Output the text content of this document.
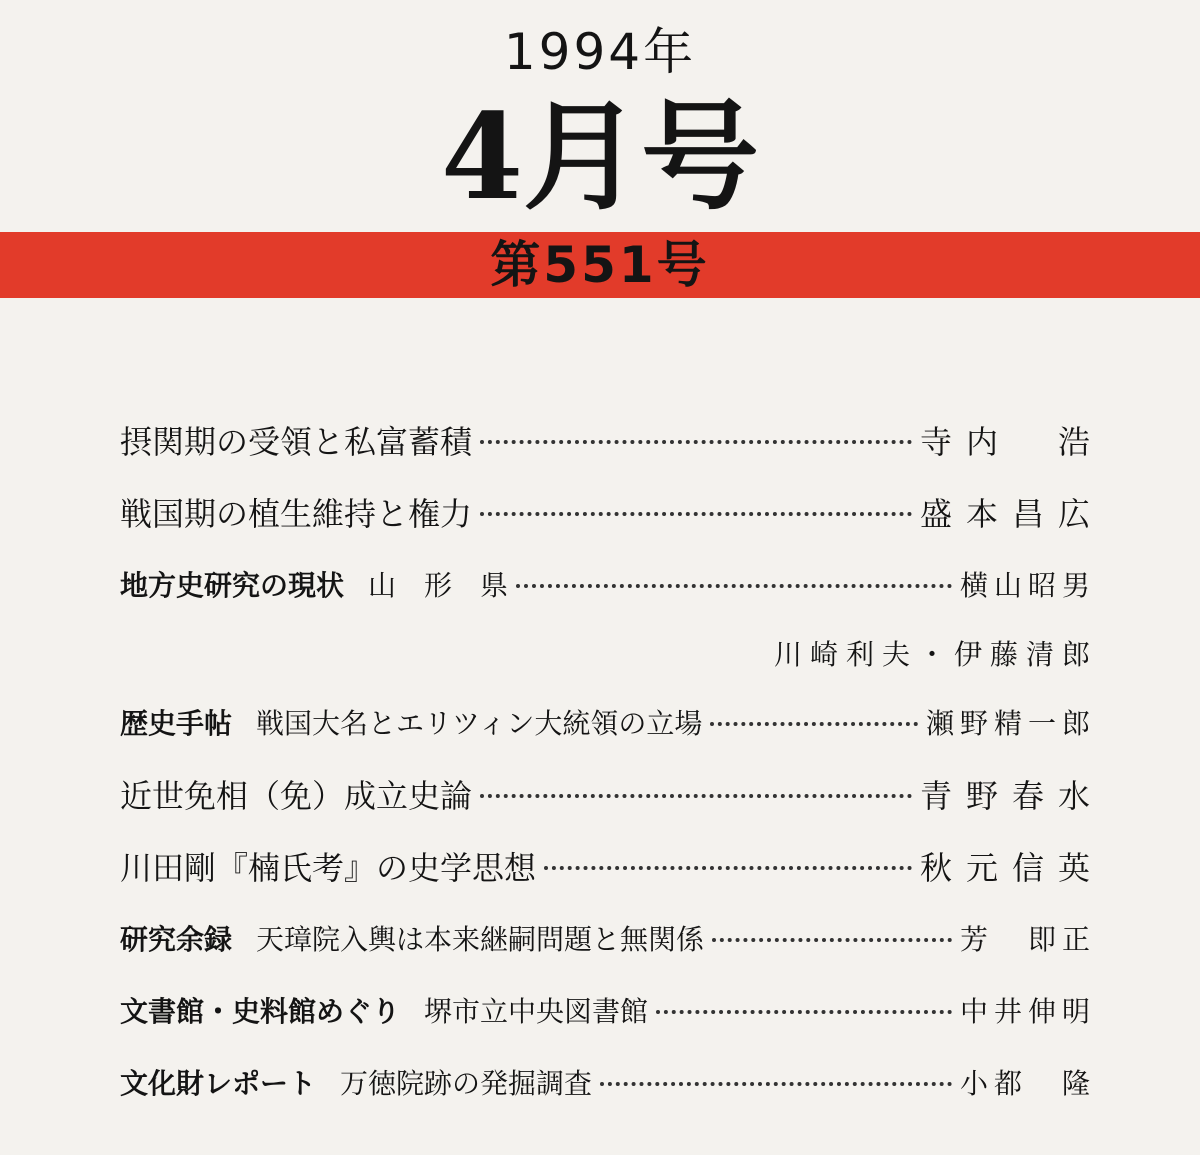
1994年
4月号
第551号
摂関期の受領と私富蓄積	寺内　浩
戦国期の植生維持と権力	盛本昌広
地方史研究の現状 山　形　県	横山昭男
川崎利夫・伊藤清郎
歴史手帖 戦国大名とエリツィン大統領の立場	瀬野精一郎
近世免相（免）成立史論	青野春水
川田剛『楠氏考』の史学思想	秋元信英
研究余録 天璋院入輿は本来継嗣問題と無関係	芳　即正
文書館・史料館めぐり 堺市立中央図書館	中井伸明
文化財レポート 万徳院跡の発掘調査	小都　隆
